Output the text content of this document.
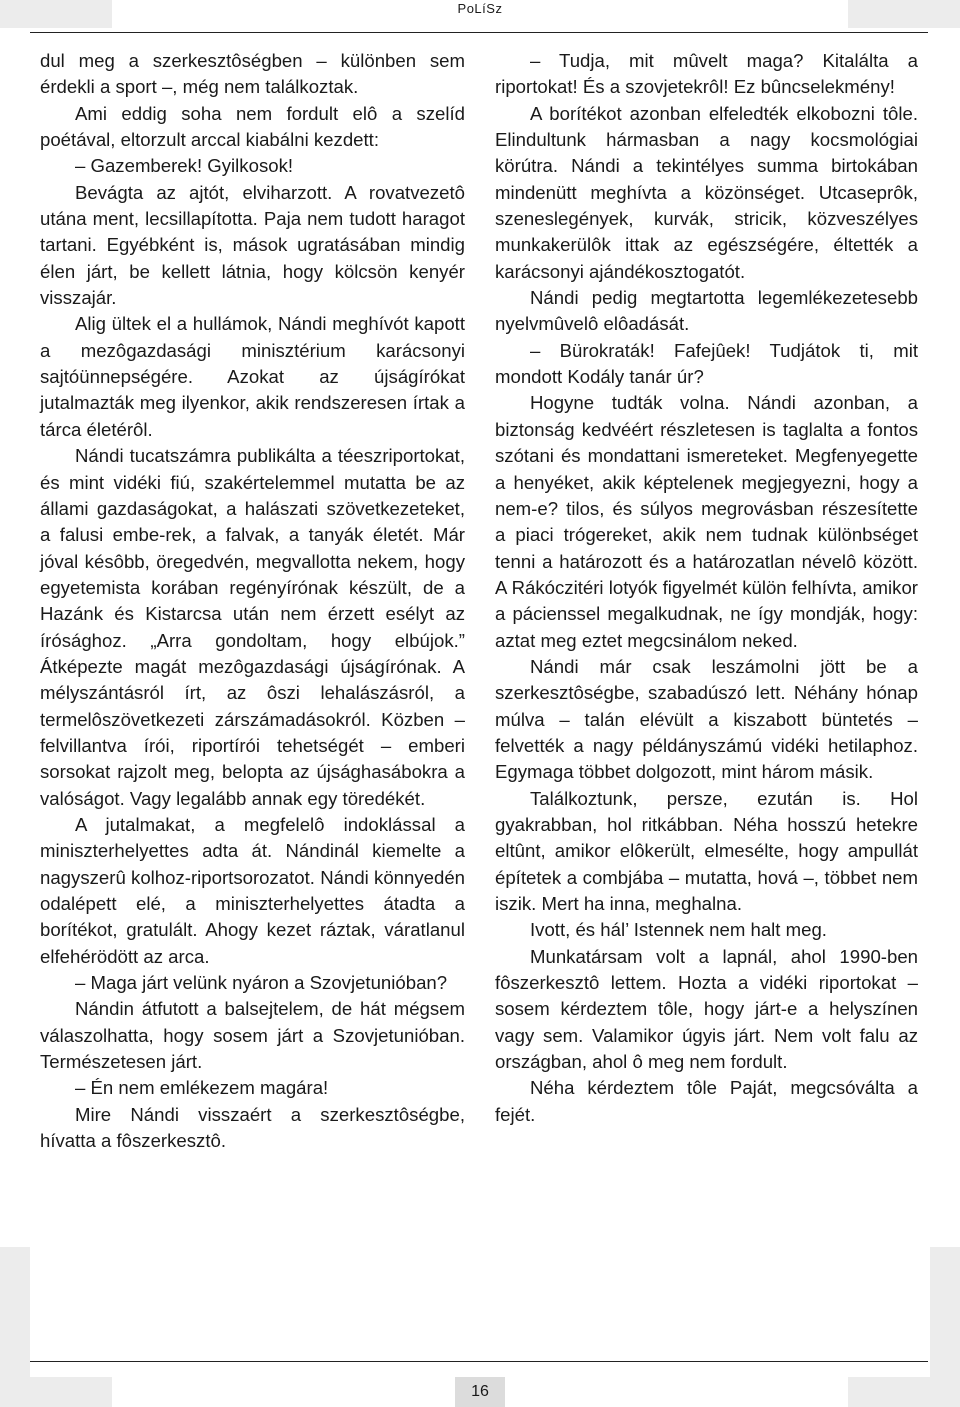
PoLíSz

dul meg a szerkesztôségben – különben sem érdekli a sport –, még nem találkoztak.

Ami eddig soha nem fordult elô a szelíd poétával, eltorzult arccal kiabálni kezdett:

– Gazemberek! Gyilkosok!

Bevágta az ajtót, elviharzott. A rovatvezetô utána ment, lecsillapította. Paja nem tudott haragot tartani. Egyébként is, mások ugratásában mindig élen járt, be kellett látnia, hogy kölcsön kenyér visszajár.

Alig ültek el a hullámok, Nándi meghívót kapott a mezôgazdasági minisztérium karácsonyi sajtóünnepségére. Azokat az újságírókat jutalmazták meg ilyenkor, akik rendszeresen írtak a tárca életérôl.

Nándi tucatszámra publikálta a téeszriportokat, és mint vidéki fiú, szakértelemmel mutatta be az állami gazdaságokat, a halászati szövetkezeteket, a falusi embe-rek, a falvak, a tanyák életét. Már jóval késôbb, öregedvén, megvallotta nekem, hogy egyetemista korában regényírónak készült, de a Hazánk és Kistarcsa után nem érzett esélyt az írósághoz. „Arra gondoltam, hogy elbújok.” Átképezte magát mezôgazdasági újságírónak. A mélyszántásról írt, az ôszi lehalászásról, a termelôszövetkezeti zárszámadásokról. Közben – felvillantva írói, riportírói tehetségét – emberi sorsokat rajzolt meg, belopta az újsághasábokra a valóságot. Vagy legalább annak egy töredékét.

A jutalmakat, a megfelelô indoklással a miniszterhelyettes adta át. Nándinál kiemelte a nagyszerû kolhoz-riportsorozatot. Nándi könnyedén odalépett elé, a miniszterhelyettes átadta a borítékot, gratulált. Ahogy kezet ráztak, váratlanul elfehérödött az arca.

– Maga járt velünk nyáron a Szovjetunióban?

Nándin átfutott a balsejtelem, de hát mégsem válaszolhatta, hogy sosem járt a Szovjetunióban. Természetesen járt.

– Én nem emlékezem magára!

Mire Nándi visszaért a szerkesztôségbe, hívatta a fôszerkesztô.

– Tudja, mit mûvelt maga? Kitalálta a riportokat! És a szovjetekrôl! Ez bûncselekmény!

A borítékot azonban elfeledték elkobozni tôle. Elindultunk hármasban a nagy kocsmológiai körútra. Nándi a tekintélyes summa birtokában mindenütt meghívta a közönséget. Utcaseprôk, szeneslegények, kurvák, stricik, közveszélyes munkakerülôk ittak az egészségére, éltették a karácsonyi ajándékosztogatót.

Nándi pedig megtartotta legemlékezetesebb nyelvmûvelô elôadását.

– Bürokraták! Fafejûek! Tudjátok ti, mit mondott Kodály tanár úr?

Hogyne tudták volna. Nándi azonban, a biztonság kedvéért részletesen is taglalta a fontos szótani és mondattani ismereteket. Megfenyegette a henyéket, akik képtelenek megjegyezni, hogy a nem-e? tilos, és súlyos megrovásban részesítette a piaci trógereket, akik nem tudnak különbséget tenni a határozott és a határozatlan névelô között. A Rákóczitéri lotyók figyelmét külön felhívta, amikor a pácienssel megalkudnak, ne így mondják, hogy: aztat meg eztet megcsinálom neked.

Nándi már csak leszámolni jött be a szerkesztôségbe, szabadúszó lett. Néhány hónap múlva – talán elévült a kiszabott büntetés – felvették a nagy példányszámú vidéki hetilaphoz. Egymaga többet dolgozott, mint három másik.

Találkoztunk, persze, ezután is. Hol gyakrabban, hol ritkábban. Néha hosszú hetekre eltûnt, amikor elôkerült, elmesélte, hogy ampullát építetek a combjába – mutatta, hová –, többet nem iszik. Mert ha inna, meghalna.

Ivott, és hál’ Istennek nem halt meg.

Munkatársam volt a lapnál, ahol 1990-ben fôszerkesztô lettem. Hozta a vidéki riportokat – sosem kérdeztem tôle, hogy járt-e a helyszínen vagy sem. Valamikor úgyis járt. Nem volt falu az országban, ahol ô meg nem fordult.

Néha kérdeztem tôle Paját, megcsóválta a fejét.

16
